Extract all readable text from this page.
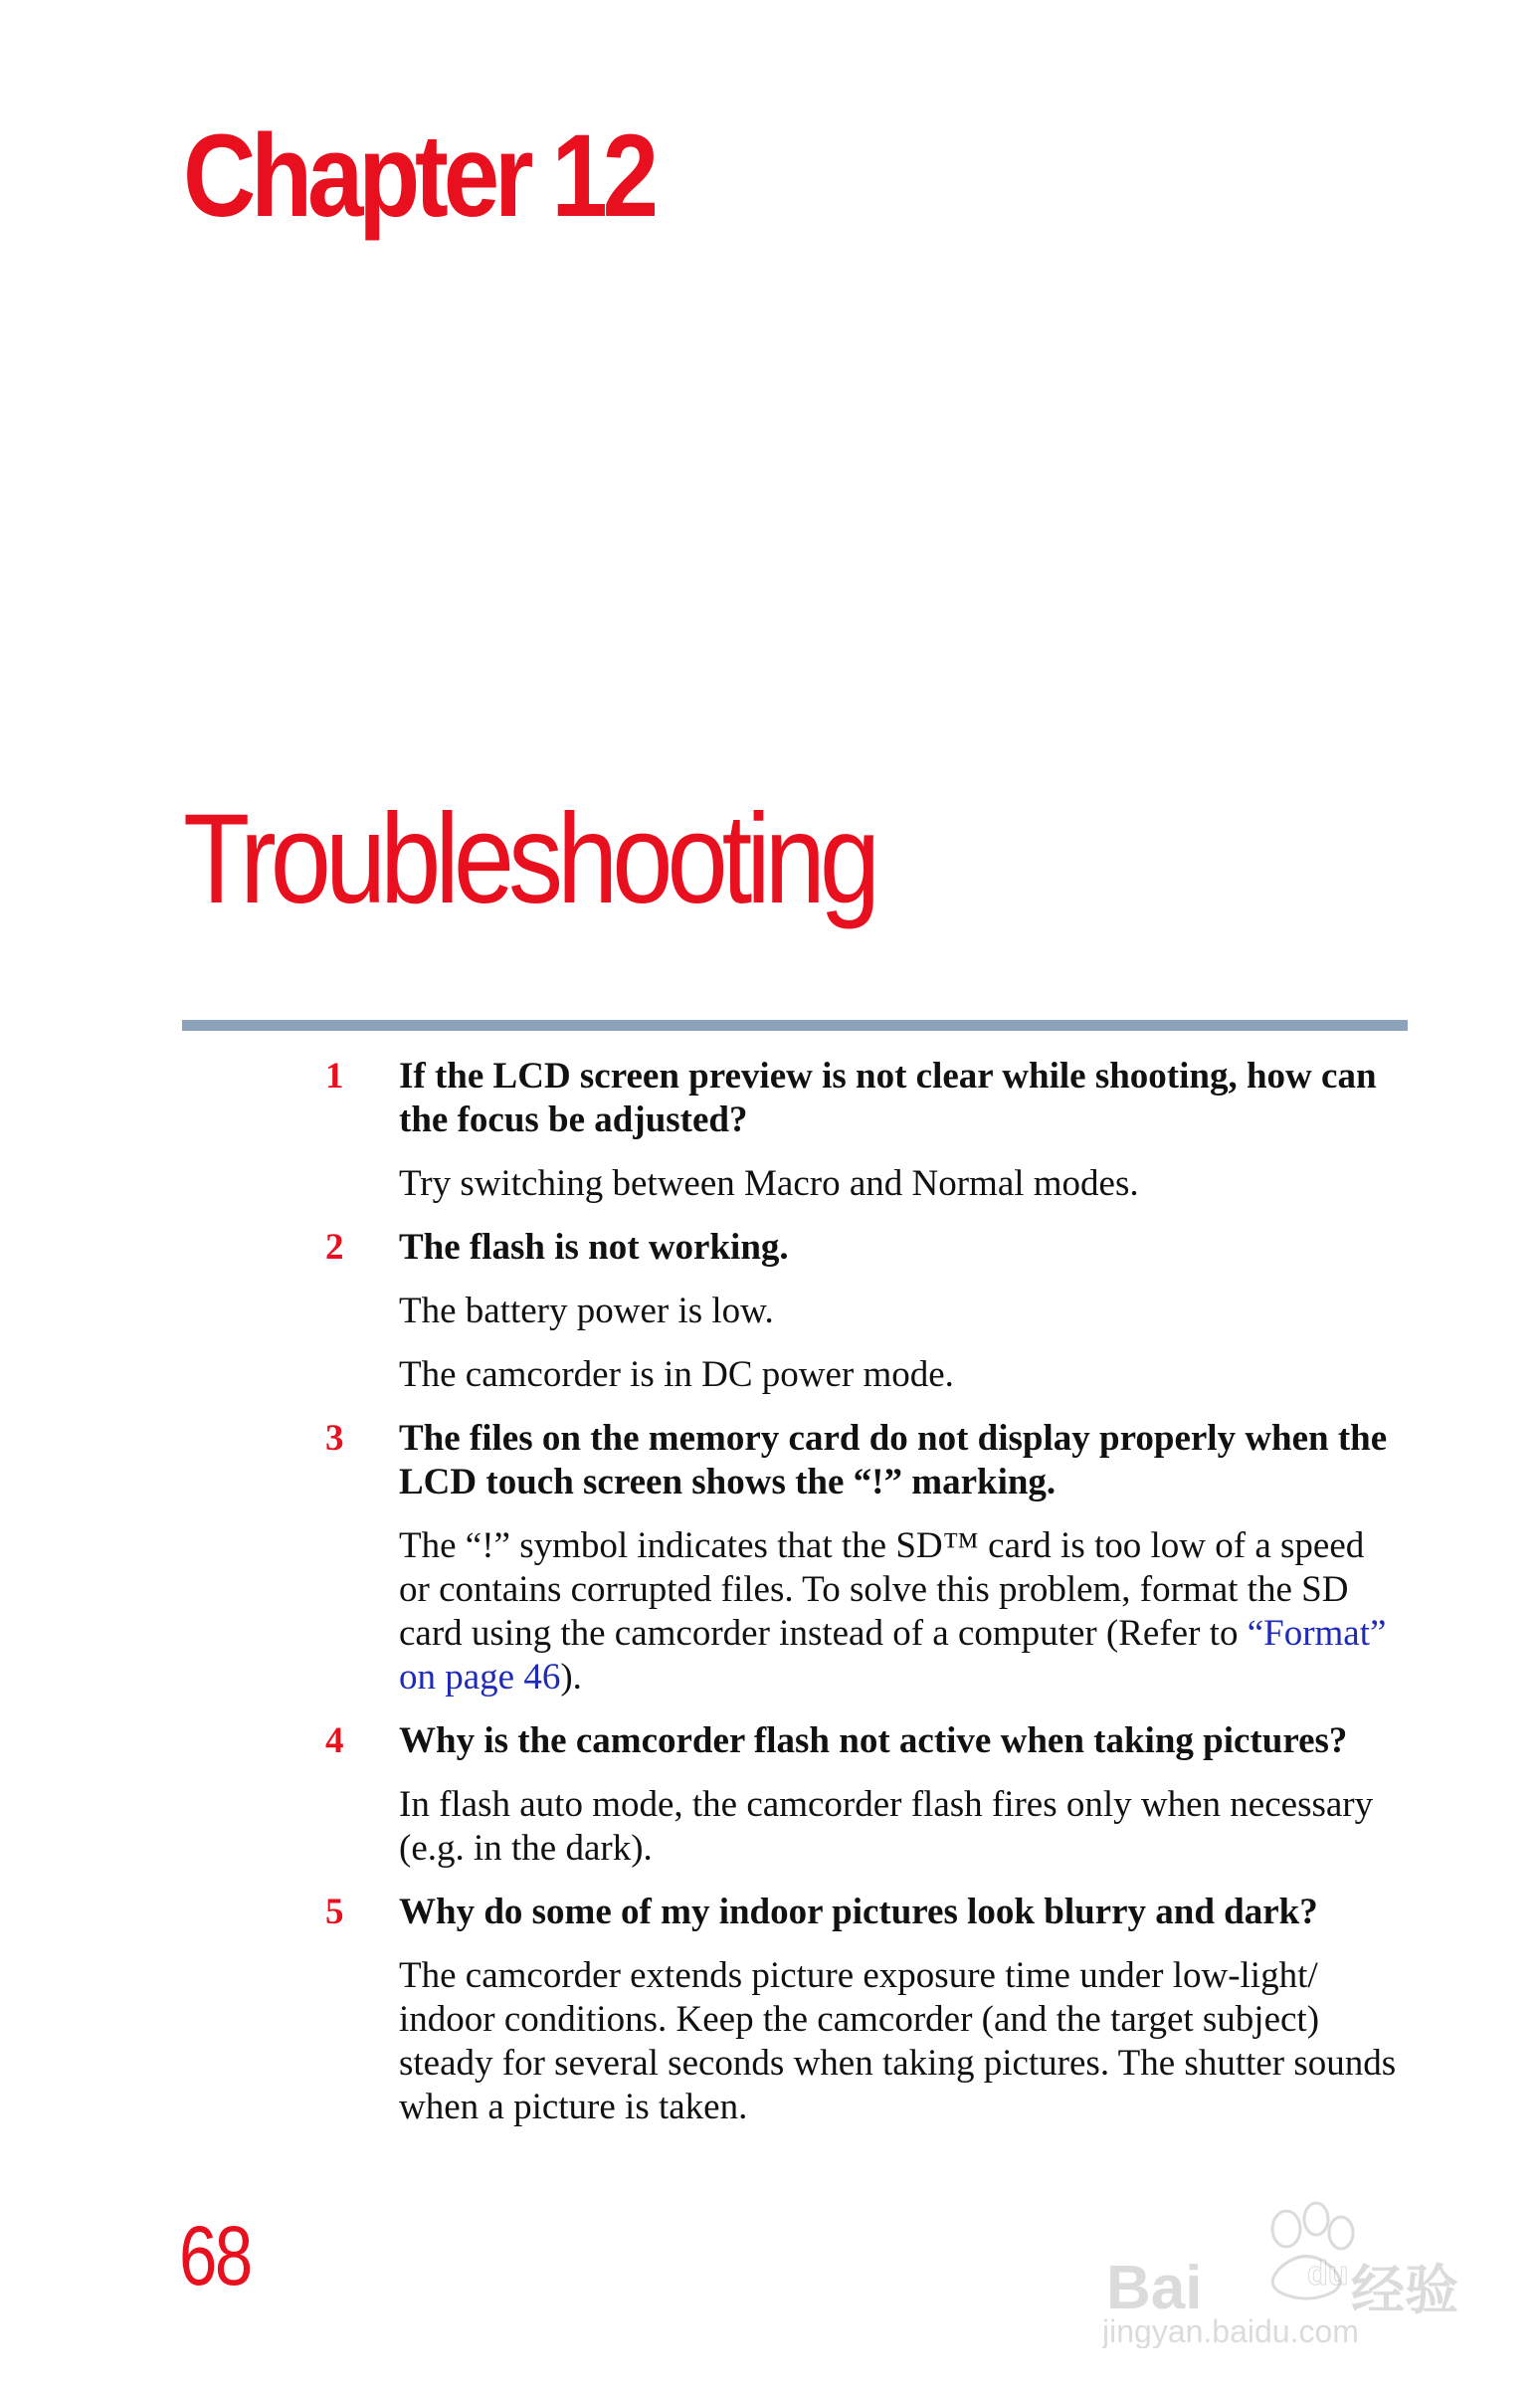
Chapter 12
Troubleshooting
1 If the LCD screen preview is not clear while shooting, how can the focus be adjusted?

Try switching between Macro and Normal modes.

2 The flash is not working.

The battery power is low.

The camcorder is in DC power mode.

3 The files on the memory card do not display properly when the LCD touch screen shows the “!” marking.

The “!” symbol indicates that the SD™ card is too low of a speed or contains corrupted files. To solve this problem, format the SD card using the camcorder instead of a computer (Refer to “Format” on page 46).

4 Why is the camcorder flash not active when taking pictures?

In flash auto mode, the camcorder flash fires only when necessary (e.g. in the dark).

5 Why do some of my indoor pictures look blurry and dark?

The camcorder extends picture exposure time under low-light/ indoor conditions. Keep the camcorder (and the target subject) steady for several seconds when taking pictures. The shutter sounds when a picture is taken.

68	Bai	du 经验
jingyan.baidu.com
